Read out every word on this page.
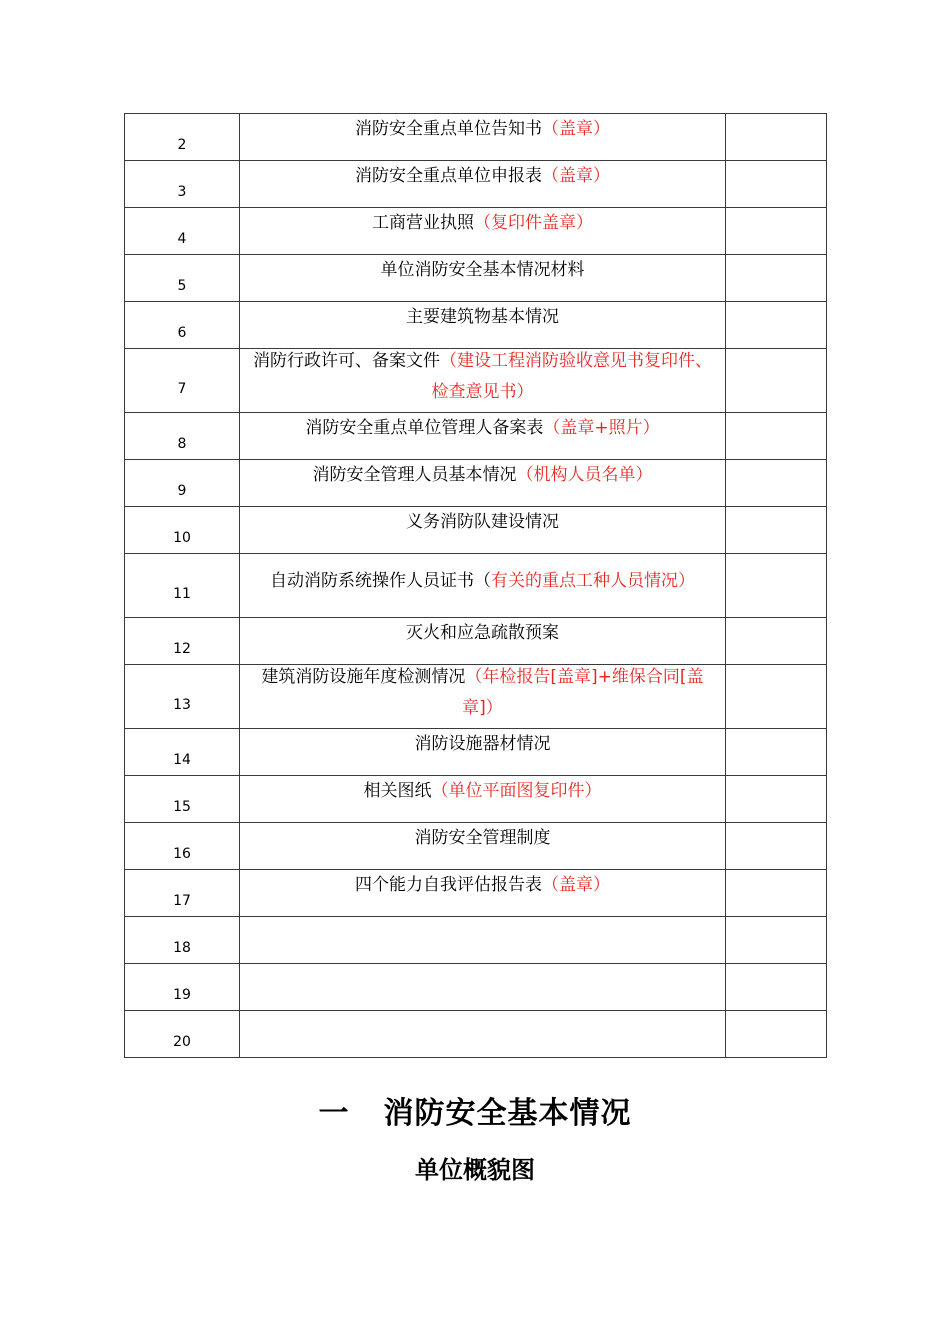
2	消防安全重点单位告知书（盖章）	

3	消防安全重点单位申报表（盖章）	

4	工商营业执照（复印件盖章）	

5	单位消防安全基本情况材料	

6	主要建筑物基本情况	

7	消防行政许可、备案文件（建设工程消防验收意见书复印件、检查意见书）	

8	消防安全重点单位管理人备案表（盖章+照片）	

9	消防安全管理人员基本情况（机构人员名单）	

10	义务消防队建设情况	

11	自动消防系统操作人员证书（有关的重点工种人员情况）	

12	灭火和应急疏散预案	

13	建筑消防设施年度检测情况（年检报告[盖章]+维保合同[盖章]）	

14	消防设施器材情况	

15	相关图纸（单位平面图复印件）	

16	消防安全管理制度	

17	四个能力自我评估报告表（盖章）	

18	

19	

20	

一 消防安全基本情况
单位概貌图
